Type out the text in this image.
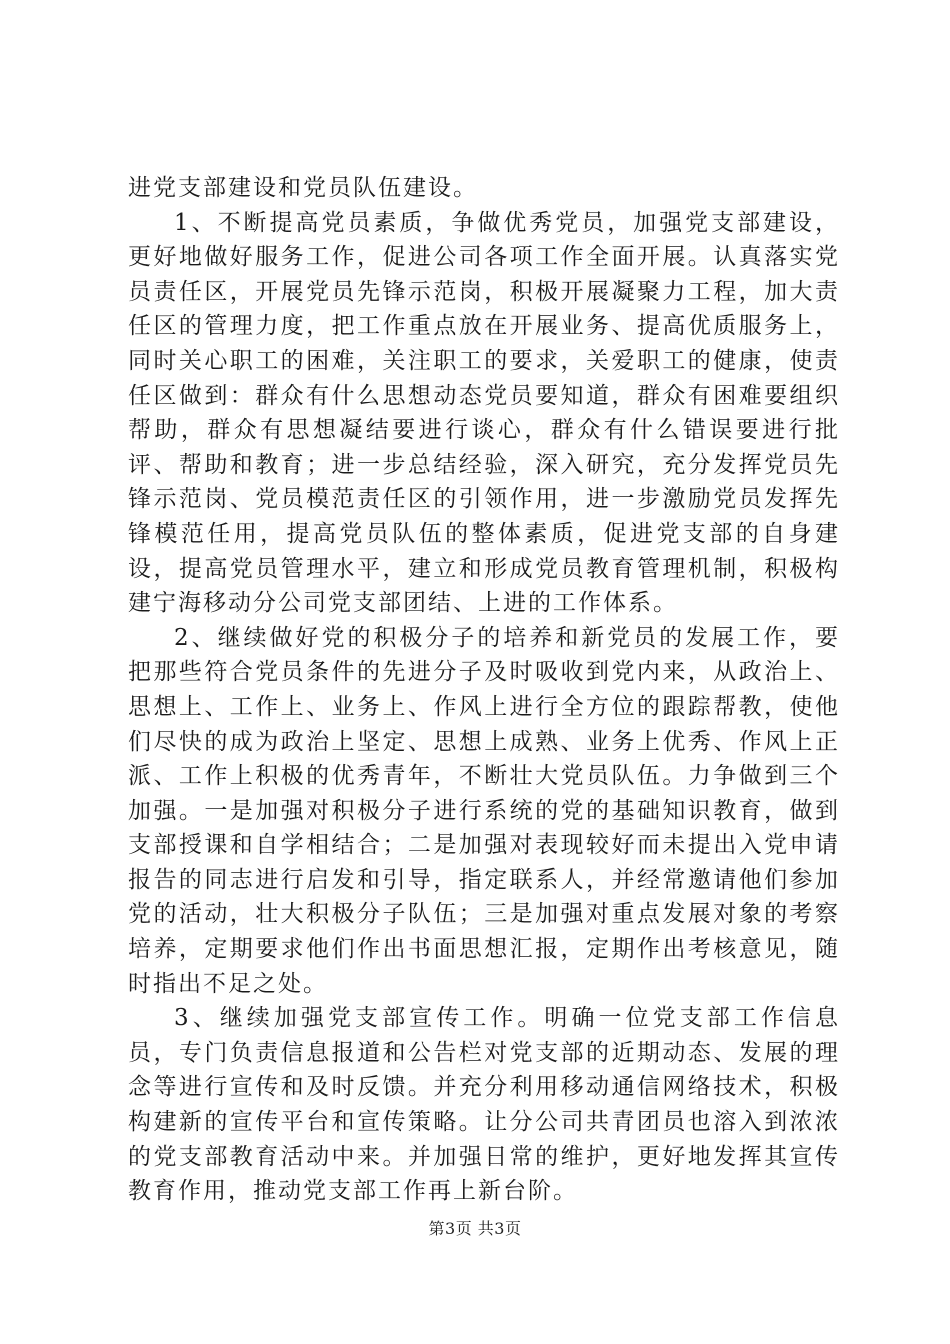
进党支部建设和党员队伍建设。

1、不断提高党员素质，争做优秀党员，加强党支部建设，更好地做好服务工作，促进公司各项工作全面开展。认真落实党员责任区，开展党员先锋示范岗，积极开展凝聚力工程，加大责任区的管理力度，把工作重点放在开展业务、提高优质服务上，同时关心职工的困难，关注职工的要求，关爱职工的健康，使责任区做到：群众有什么思想动态党员要知道，群众有困难要组织帮助，群众有思想凝结要进行谈心，群众有什么错误要进行批评、帮助和教育；进一步总结经验，深入研究，充分发挥党员先锋示范岗、党员模范责任区的引领作用，进一步激励党员发挥先锋模范任用，提高党员队伍的整体素质，促进党支部的自身建设，提高党员管理水平，建立和形成党员教育管理机制，积极构建宁海移动分公司党支部团结、上进的工作体系。

2、继续做好党的积极分子的培养和新党员的发展工作，要把那些符合党员条件的先进分子及时吸收到党内来，从政治上、思想上、工作上、业务上、作风上进行全方位的跟踪帮教，使他们尽快的成为政治上坚定、思想上成熟、业务上优秀、作风上正派、工作上积极的优秀青年，不断壮大党员队伍。力争做到三个加强。一是加强对积极分子进行系统的党的基础知识教育，做到支部授课和自学相结合；二是加强对表现较好而未提出入党申请报告的同志进行启发和引导，指定联系人，并经常邀请他们参加党的活动，壮大积极分子队伍；三是加强对重点发展对象的考察培养，定期要求他们作出书面思想汇报，定期作出考核意见，随时指出不足之处。

3、继续加强党支部宣传工作。明确一位党支部工作信息员，专门负责信息报道和公告栏对党支部的近期动态、发展的理念等进行宣传和及时反馈。并充分利用移动通信网络技术，积极构建新的宣传平台和宣传策略。让分公司共青团员也溶入到浓浓的党支部教育活动中来。并加强日常的维护，更好地发挥其宣传教育作用，推动党支部工作再上新台阶。

第3页 共3页
